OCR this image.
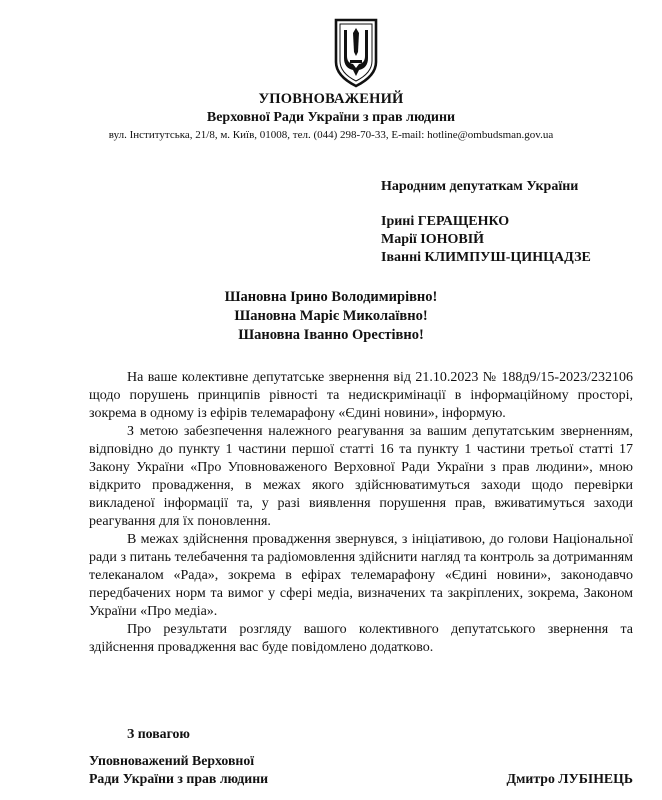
УПОВНОВАЖЕНИЙ
Верховної Ради України з прав людини
вул. Інститутська, 21/8, м. Київ, 01008, тел. (044) 298-70-33, E-mail: hotline@ombudsman.gov.ua
Народним депутаткам України
Ірині ГЕРАЩЕНКО
Марії ІОНОВІЙ
Іванні КЛИМПУШ-ЦИНЦАДЗЕ
Шановна Ірино Володимирівно!
Шановна Маріє Миколаївно!
Шановна Іванно Орестівно!

На ваше колективне депутатське звернення від 21.10.2023 № 188д9/15-2023/232106 щодо порушень принципів рівності та недискримінації в інформаційному просторі, зокрема в одному із ефірів телемарафону «Єдині новини», інформую.

З метою забезпечення належного реагування за вашим депутатським зверненням, відповідно до пункту 1 частини першої статті 16 та пункту 1 частини третьої статті 17 Закону України «Про Уповноваженого Верховної Ради України з прав людини», мною відкрито провадження, в межах якого здійснюватимуться заходи щодо перевірки викладеної інформації та, у разі виявлення порушення прав, вживатимуться заходи реагування для їх поновлення.

В межах здійснення провадження звернувся, з ініціативою, до голови Національної ради з питань телебачення та радіомовлення здійснити нагляд та контроль за дотриманням телеканалом «Рада», зокрема в ефірах телемарафону «Єдині новини», законодавчо передбачених норм та вимог у сфері медіа, визначених та закріплених, зокрема, Законом України «Про медіа».

Про результати розгляду вашого колективного депутатського звернення та здійснення провадження вас буде повідомлено додатково.

З повагою
Уповноважений Верховної
Ради України з прав людини	Дмитро ЛУБІНЕЦЬ
